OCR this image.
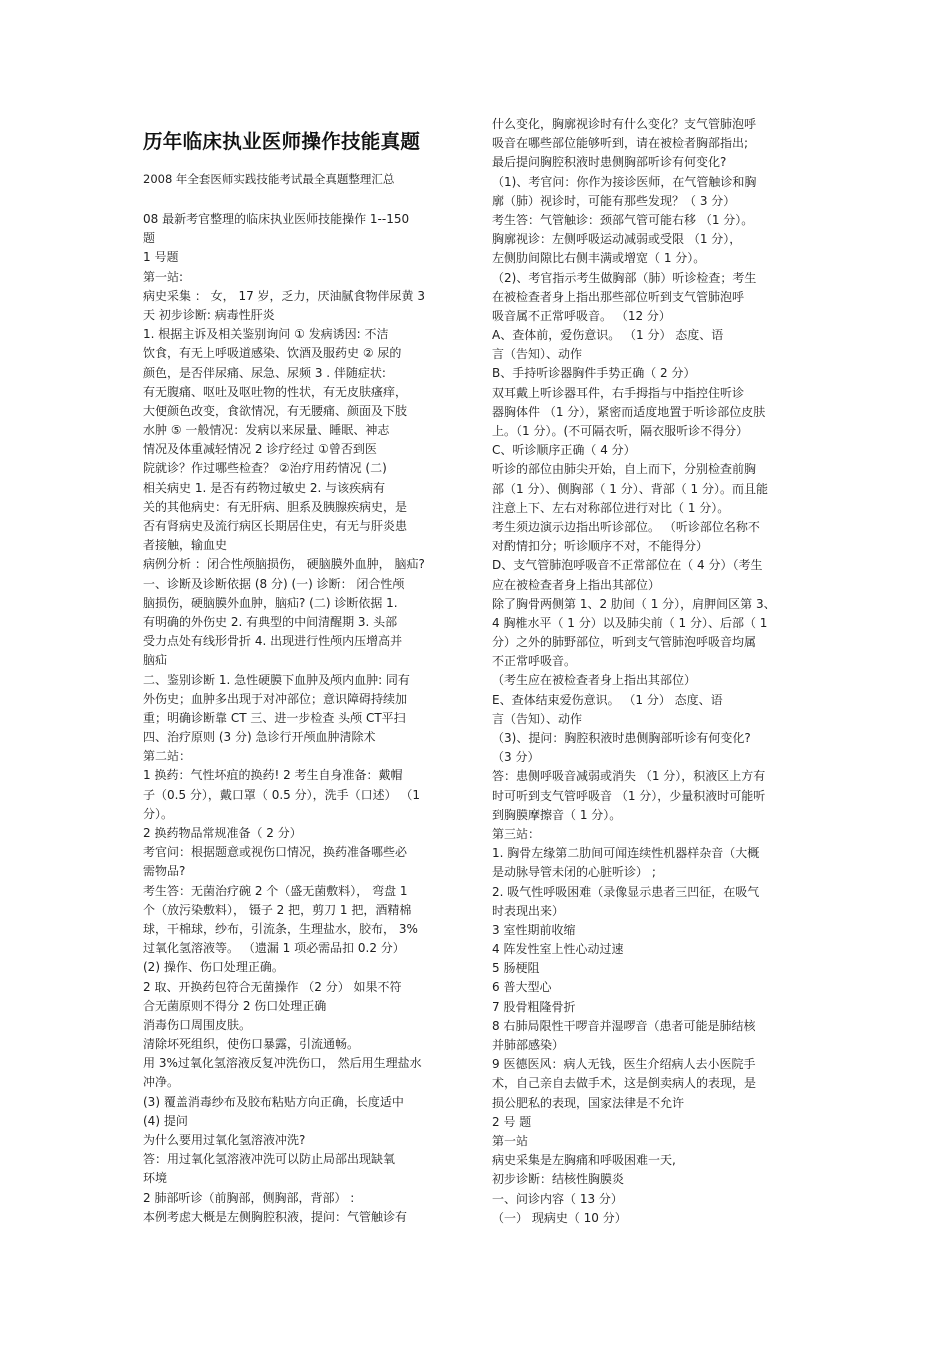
历年临床执业医师操作技能真题
2008 年全套医师实践技能考试最全真题整理汇总
08 最新考官整理的临床执业医师技能操作 1--150
题
1 号题
第一站:
病史采集 ： 女， 17 岁，乏力，厌油腻食物伴尿黄 3
天 初步诊断: 病毒性肝炎
1. 根据主诉及相关鉴别询问 ① 发病诱因: 不洁
饮食，有无上呼吸道感染、饮酒及服药史 ② 尿的
颜色，是否伴尿痛、尿急、尿频 3 . 伴随症状:
有无腹痛、呕吐及呕吐物的性状，有无皮肤瘙痒，
大便颜色改变，食欲情况，有无腰痛、颜面及下肢
水肿 ⑤ 一般情况：发病以来尿量、睡眠、神志
情况及体重减轻情况 2 诊疗经过 ①曾否到医
院就诊？作过哪些检查？ ②治疗用药情况 (二)
相关病史 1. 是否有药物过敏史 2. 与该疾病有
关的其他病史：有无肝病、胆系及胰腺疾病史，是
否有肾病史及流行病区长期居住史，有无与肝炎患
者接触，输血史
病例分析 ：闭合性颅脑损伤， 硬脑膜外血肿， 脑疝?
一、诊断及诊断依据 (8 分) (一) 诊断： 闭合性颅
脑损伤，硬脑膜外血肿，脑疝? (二) 诊断依据 1.
有明确的外伤史 2. 有典型的中间清醒期 3. 头部
受力点处有线形骨折 4. 出现进行性颅内压增高并
脑疝
二、鉴别诊断 1. 急性硬膜下血肿及颅内血肿: 同有
外伤史；血肿多出现于对冲部位；意识障碍持续加
重；明确诊断靠 CT 三、进一步检查 头颅 CT平扫
四、治疗原则 (3 分) 急诊行开颅血肿清除术
第二站：
1 换药：气性坏疽的换药! 2 考生自身准备：戴帽
子（0.5 分），戴口罩（ 0.5 分），洗手（口述） （1
分）。
2 换药物品常规准备（ 2 分）
考官问：根据题意或视伤口情况，换药准备哪些必
需物品?
考生答：无菌治疗碗 2 个（盛无菌敷料）， 弯盘 1
个（放污染敷料）， 镊子 2 把，剪刀 1 把，酒精棉
球，干棉球，纱布，引流条，生理盐水，胶布， 3%
过氧化氢溶液等。 （遗漏 1 项必需品扣 0.2 分）
(2) 操作、伤口处理正确。
2 取、开换药包符合无菌操作 （2 分） 如果不符
合无菌原则不得分 2 伤口处理正确
消毒伤口周围皮肤。
清除坏死组织，使伤口暴露，引流通畅。
用 3%过氧化氢溶液反复冲洗伤口， 然后用生理盐水
冲净。
(3) 覆盖消毒纱布及胶布粘贴方向正确，长度适中
(4) 提问
为什么要用过氧化氢溶液冲洗?
答：用过氧化氢溶液冲洗可以防止局部出现缺氧
环境
2 肺部听诊（前胸部，侧胸部，背部） :
本例考虑大概是左侧胸腔积液，提问：气管触诊有
什么变化，胸廓视诊时有什么变化？支气管肺泡呼
吸音在哪些部位能够听到，请在被检者胸部指出;
最后提问胸腔积液时患侧胸部听诊有何变化?
（1)、考官问：你作为接诊医师，在气管触诊和胸
廓（肺）视诊时，可能有那些发现？（ 3 分）
考生答：气管触诊：颈部气管可能右移 （1 分）。
胸廓视诊：左侧呼吸运动减弱或受限 （1 分），
左侧肋间隙比右侧丰满或增宽（ 1 分）。
（2)、考官指示考生做胸部（肺）听诊检查；考生
在被检查者身上指出那些部位听到支气管肺泡呼
吸音属不正常呼吸音。 （12 分）
A、查体前，爱伤意识。 （1 分） 态度、语
言（告知）、动作
B、手持听诊器胸件手势正确（ 2 分）
双耳戴上听诊器耳件，右手拇指与中指控住听诊
器胸体件 （1 分），紧密而适度地置于听诊部位皮肤
上。（1 分）。(不可隔衣听，隔衣服听诊不得分）
C、听诊顺序正确（ 4 分）
听诊的部位由肺尖开始，自上而下，分别检查前胸
部（1 分）、侧胸部（ 1 分）、背部（ 1 分）。而且能
注意上下、左右对称部位进行对比（ 1 分）。
考生须边演示边指出听诊部位。 （听诊部位名称不
对酌情扣分；听诊顺序不对，不能得分）
D、支气管肺泡呼吸音不正常部位在（ 4 分）（考生
应在被检查者身上指出其部位）
除了胸骨两侧第 1、2 肋间（ 1 分），肩胛间区第 3、
4 胸椎水平（ 1 分）以及肺尖前（ 1 分）、后部（ 1
分）之外的肺野部位，听到支气管肺泡呼吸音均属
不正常呼吸音。
（考生应在被检查者身上指出其部位）
E、查体结束爱伤意识。 （1 分） 态度、语
言（告知）、动作
（3)、提问：胸腔积液时患侧胸部听诊有何变化?
（3 分）
答：患侧呼吸音减弱或消失 （1 分），积液区上方有
时可听到支气管呼吸音 （1 分），少量积液时可能听
到胸膜摩擦音（ 1 分）。
第三站：
1. 胸骨左缘第二肋间可闻连续性机器样杂音（大概
是动脉导管未闭的心脏听诊） ;
2. 吸气性呼吸困难（录像显示患者三凹征，在吸气
时表现出来）
3 室性期前收缩
4 阵发性室上性心动过速
5 肠梗阻
6 普大型心
7 股骨粗隆骨折
8 右肺局限性干啰音并湿啰音（患者可能是肺结核
并肺部感染）
9 医德医风：病人无钱，医生介绍病人去小医院手
术，自己亲自去做手术，这是倒卖病人的表现，是
损公肥私的表现，国家法律是不允许
2 号 题
第一站
病史采集是左胸痛和呼吸困难一天,
初步诊断：结核性胸膜炎
一、问诊内容（ 13 分）
（一） 现病史（ 10 分）
